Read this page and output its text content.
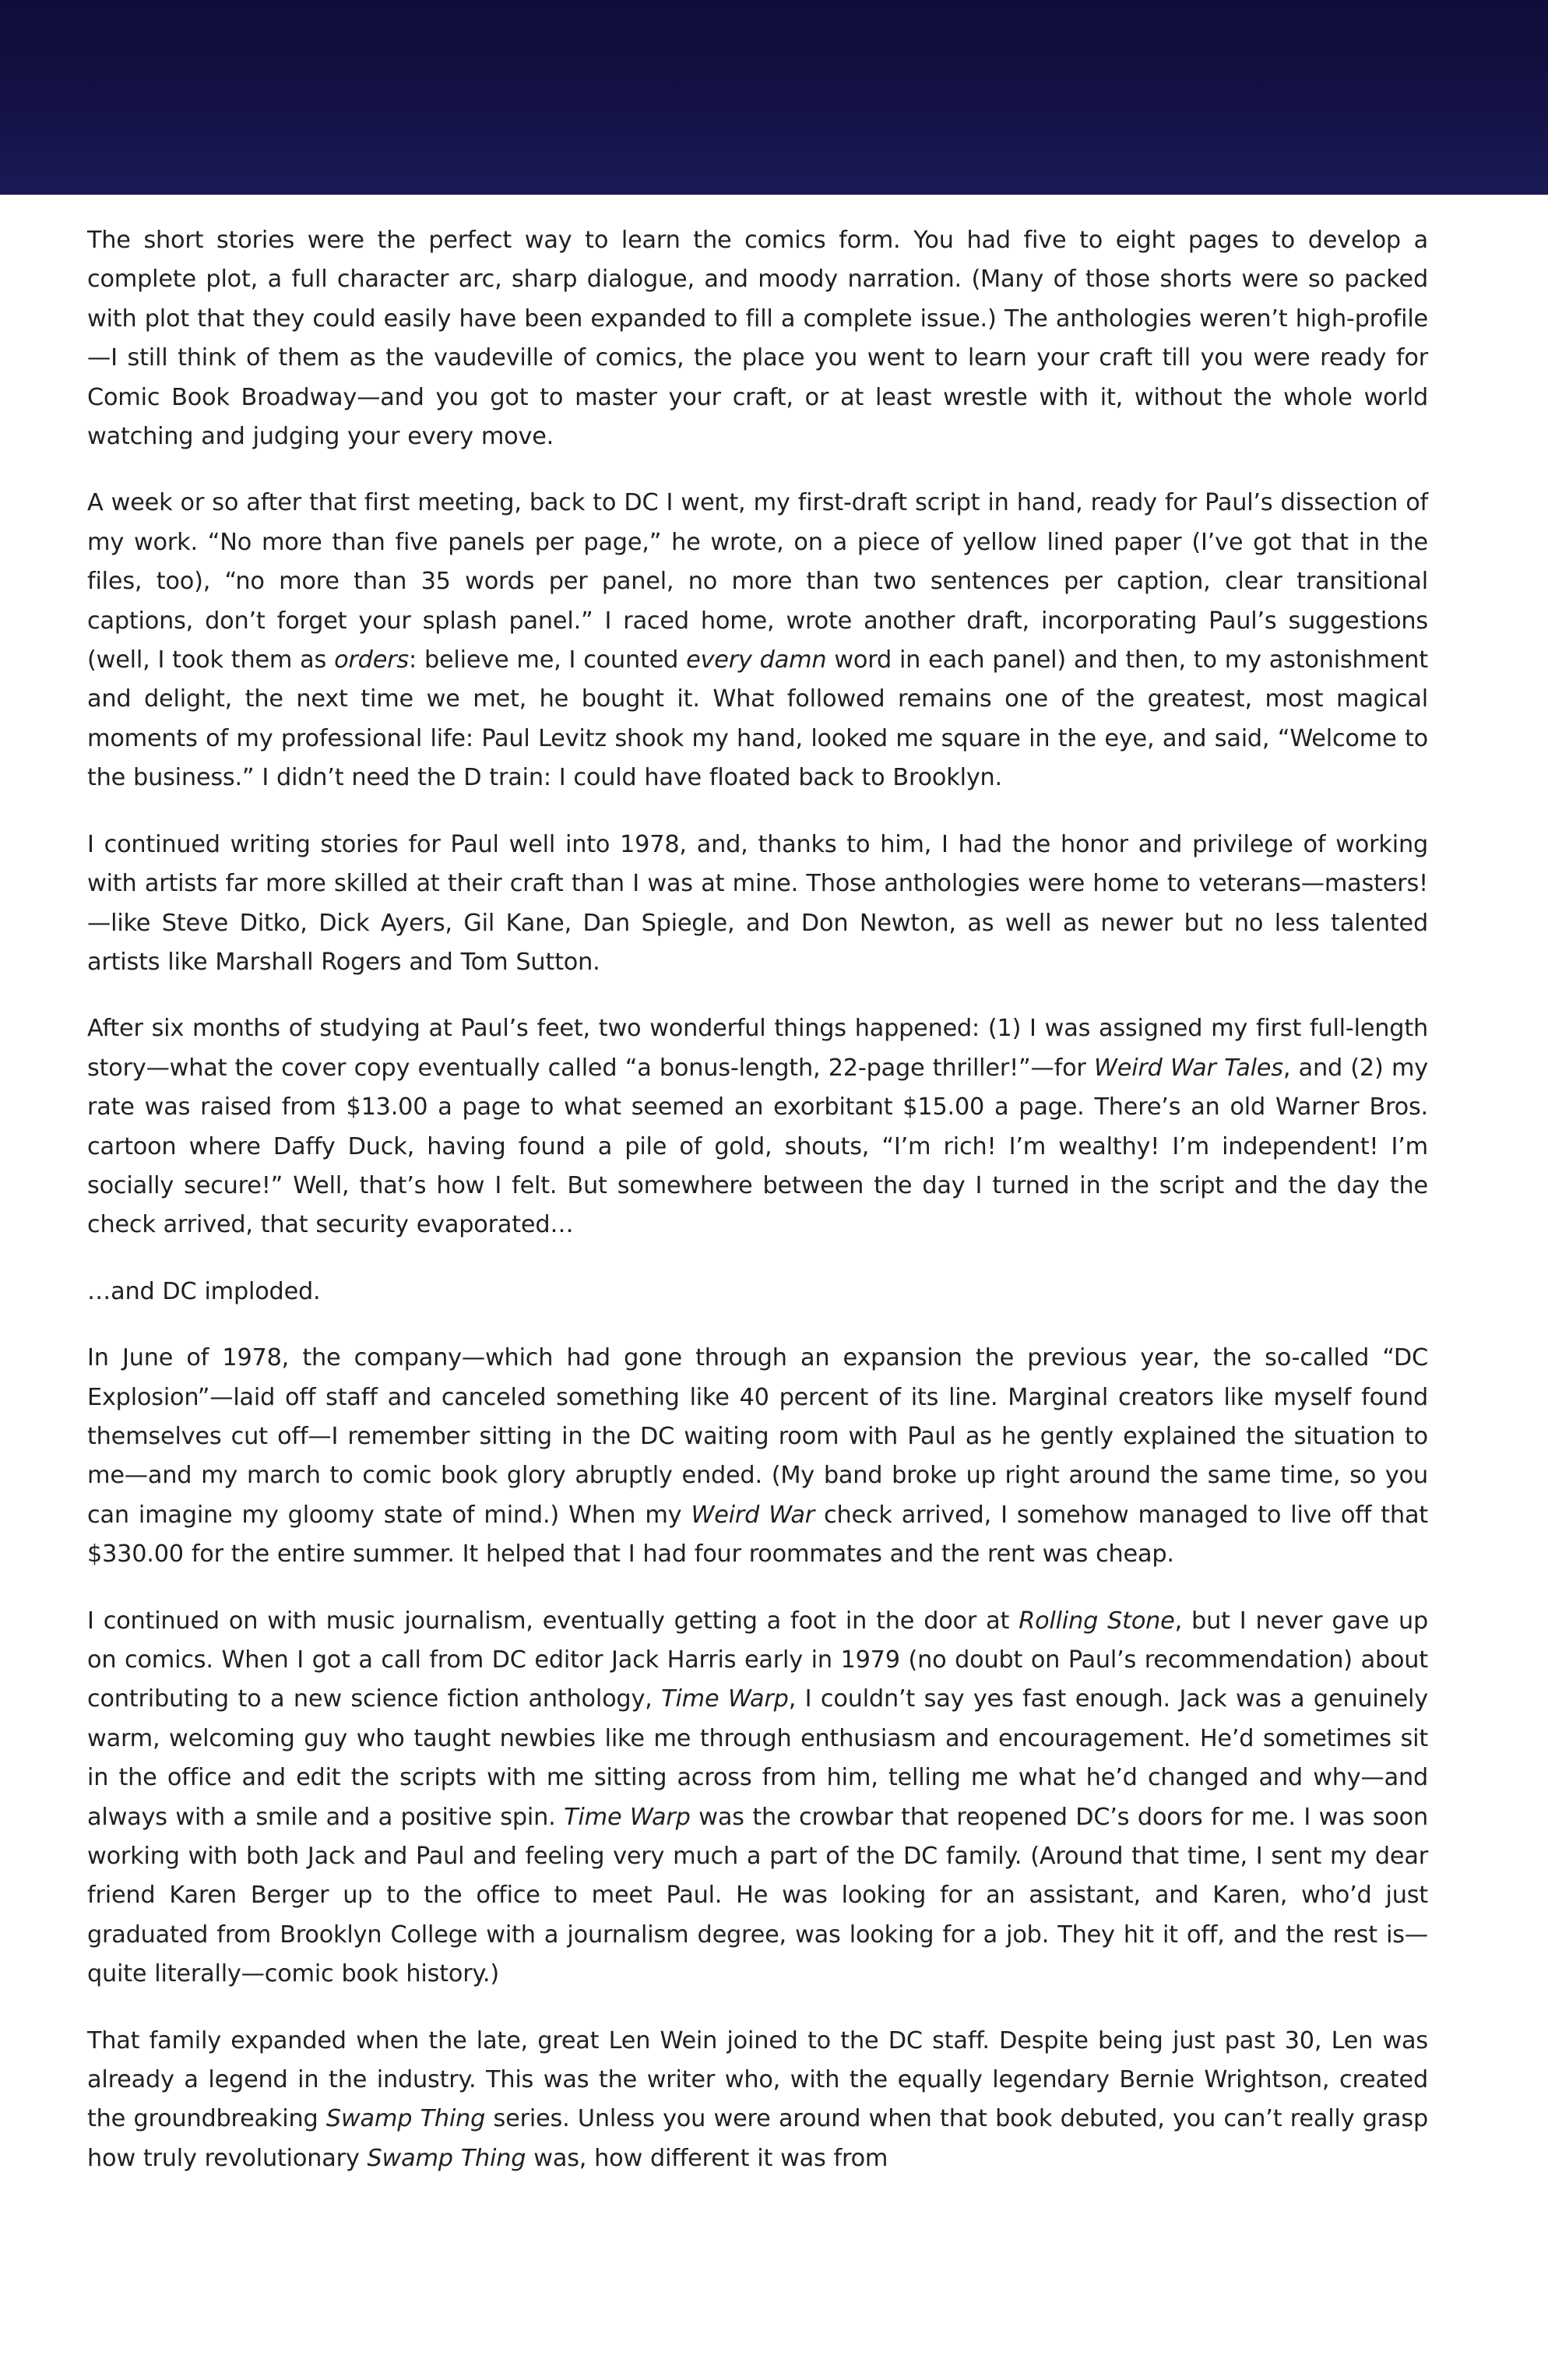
The short stories were the perfect way to learn the comics form. You had five to eight pages to develop a complete plot, a full character arc, sharp dialogue, and moody narration. (Many of those shorts were so packed with plot that they could easily have been expanded to fill a complete issue.) The anthologies weren’t high-profile—I still think of them as the vaudeville of comics, the place you went to learn your craft till you were ready for Comic Book Broadway—and you got to master your craft, or at least wrestle with it, without the whole world watching and judging your every move.

A week or so after that first meeting, back to DC I went, my first-draft script in hand, ready for Paul’s dissection of my work. “No more than five panels per page,” he wrote, on a piece of yellow lined paper (I’ve got that in the files, too), “no more than 35 words per panel, no more than two sentences per caption, clear transitional captions, don’t forget your splash panel.” I raced home, wrote another draft, incorporating Paul’s suggestions (well, I took them as orders: believe me, I counted every damn word in each panel) and then, to my astonishment and delight, the next time we met, he bought it. What followed remains one of the greatest, most magical moments of my professional life: Paul Levitz shook my hand, looked me square in the eye, and said, “Welcome to the business.” I didn’t need the D train: I could have floated back to Brooklyn.

I continued writing stories for Paul well into 1978, and, thanks to him, I had the honor and privilege of working with artists far more skilled at their craft than I was at mine. Those anthologies were home to veterans—masters!—like Steve Ditko, Dick Ayers, Gil Kane, Dan Spiegle, and Don Newton, as well as newer but no less talented artists like Marshall Rogers and Tom Sutton.

After six months of studying at Paul’s feet, two wonderful things happened: (1) I was assigned my first full-length story—what the cover copy eventually called “a bonus-length, 22-page thriller!”—for Weird War Tales, and (2) my rate was raised from $13.00 a page to what seemed an exorbitant $15.00 a page. There’s an old Warner Bros. cartoon where Daffy Duck, having found a pile of gold, shouts, “I’m rich! I’m wealthy! I’m independent! I’m socially secure!” Well, that’s how I felt. But somewhere between the day I turned in the script and the day the check arrived, that security evaporated…

…and DC imploded.

In June of 1978, the company—which had gone through an expansion the previous year, the so-called “DC Explosion”—laid off staff and canceled something like 40 percent of its line. Marginal creators like myself found themselves cut off—I remember sitting in the DC waiting room with Paul as he gently explained the situation to me—and my march to comic book glory abruptly ended. (My band broke up right around the same time, so you can imagine my gloomy state of mind.) When my Weird War check arrived, I somehow managed to live off that $330.00 for the entire summer. It helped that I had four roommates and the rent was cheap.

I continued on with music journalism, eventually getting a foot in the door at Rolling Stone, but I never gave up on comics. When I got a call from DC editor Jack Harris early in 1979 (no doubt on Paul’s recommendation) about contributing to a new science fiction anthology, Time Warp, I couldn’t say yes fast enough. Jack was a genuinely warm, welcoming guy who taught newbies like me through enthusiasm and encouragement. He’d sometimes sit in the office and edit the scripts with me sitting across from him, telling me what he’d changed and why—and always with a smile and a positive spin. Time Warp was the crowbar that reopened DC’s doors for me. I was soon working with both Jack and Paul and feeling very much a part of the DC family. (Around that time, I sent my dear friend Karen Berger up to the office to meet Paul. He was looking for an assistant, and Karen, who’d just graduated from Brooklyn College with a journalism degree, was looking for a job. They hit it off, and the rest is—quite literally—comic book history.)

That family expanded when the late, great Len Wein joined to the DC staff. Despite being just past 30, Len was already a legend in the industry. This was the writer who, with the equally legendary Bernie Wrightson, created the groundbreaking Swamp Thing series. Unless you were around when that book debuted, you can’t really grasp how truly revolutionary Swamp Thing was, how different it was from
